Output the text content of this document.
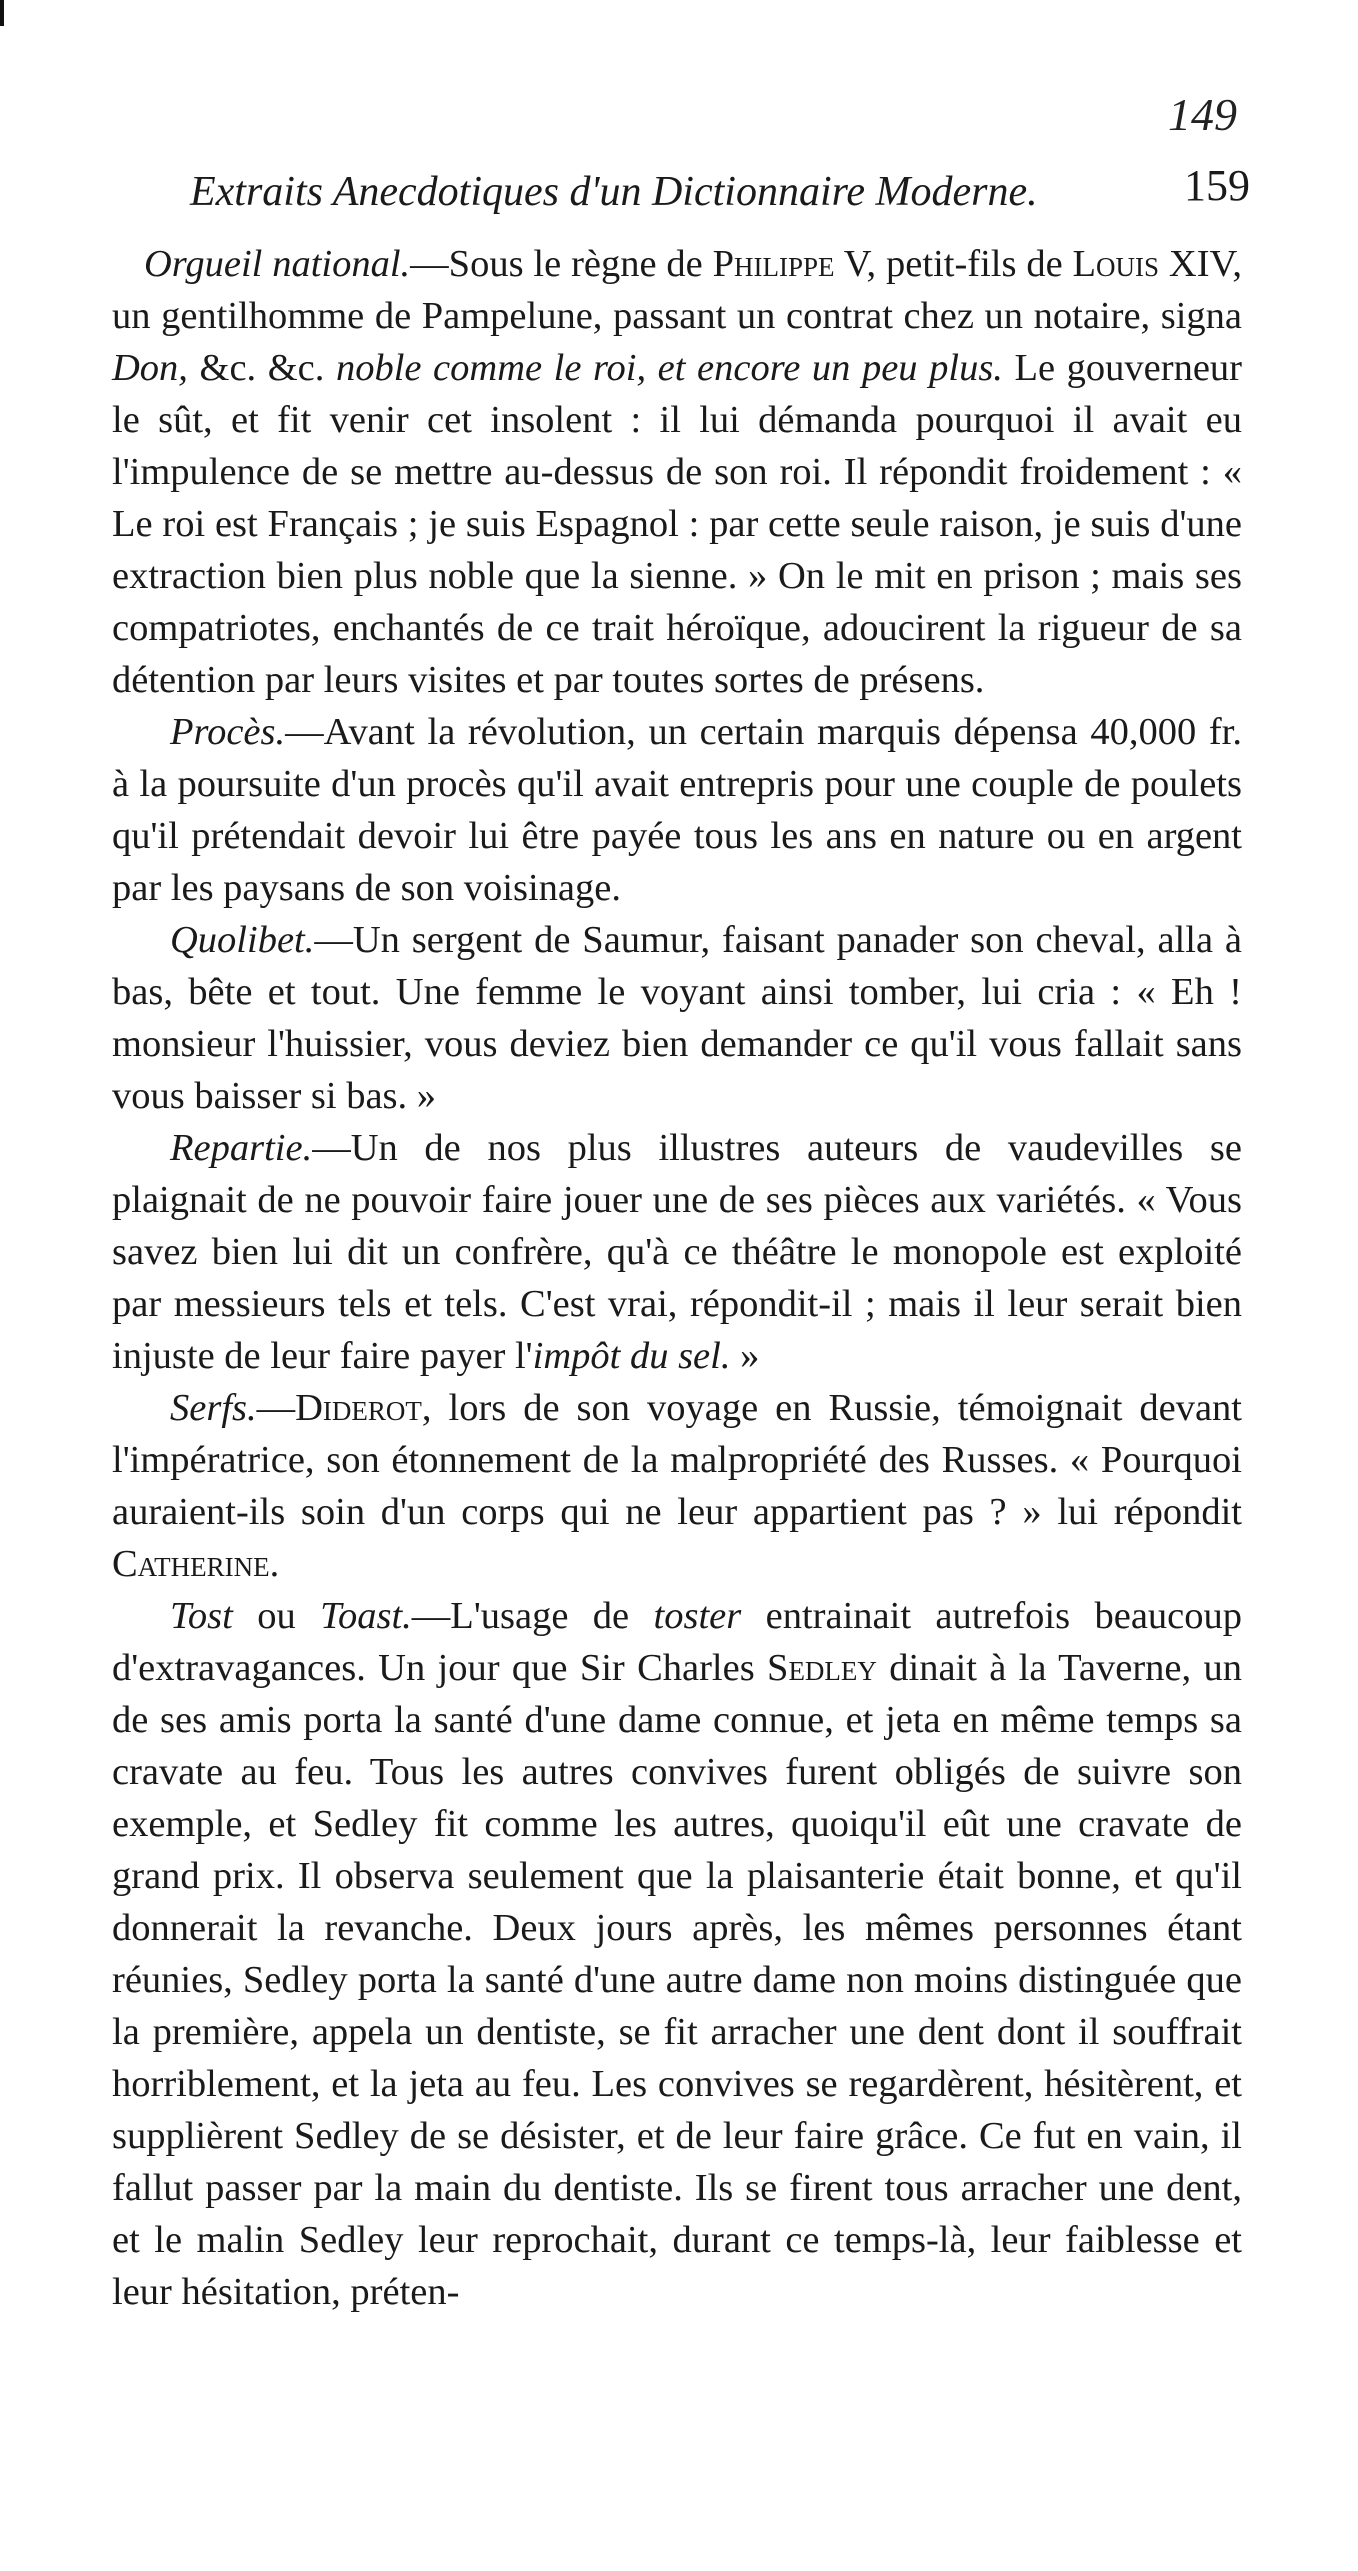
149
Extraits Anecdotiques d'un Dictionnaire Moderne.	159

Orgueil national.—Sous le règne de Philippe V, petit-fils de Louis XIV, un gentilhomme de Pampelune, passant un contrat chez un notaire, signa Don, &c. &c. noble comme le roi, et encore un peu plus. Le gouverneur le sût, et fit venir cet insolent : il lui démanda pourquoi il avait eu l'impulence de se mettre au-dessus de son roi. Il répondit froidement : « Le roi est Français ; je suis Espagnol : par cette seule raison, je suis d'une extraction bien plus noble que la sienne. » On le mit en prison ; mais ses compatriotes, enchantés de ce trait héroïque, adoucirent la rigueur de sa détention par leurs visites et par toutes sortes de présens.

Procès.—Avant la révolution, un certain marquis dépensa 40,000 fr. à la poursuite d'un procès qu'il avait entrepris pour une couple de poulets qu'il prétendait devoir lui être payée tous les ans en nature ou en argent par les paysans de son voisinage.

Quolibet.—Un sergent de Saumur, faisant panader son cheval, alla à bas, bête et tout. Une femme le voyant ainsi tomber, lui cria : « Eh ! monsieur l'huissier, vous deviez bien demander ce qu'il vous fallait sans vous baisser si bas. »

Repartie.—Un de nos plus illustres auteurs de vaudevilles se plaignait de ne pouvoir faire jouer une de ses pièces aux variétés. « Vous savez bien lui dit un confrère, qu'à ce théâtre le monopole est exploité par messieurs tels et tels. C'est vrai, répondit-il ; mais il leur serait bien injuste de leur faire payer l'impôt du sel. »

Serfs.—Diderot, lors de son voyage en Russie, témoignait devant l'impératrice, son étonnement de la malpropriété des Russes. « Pourquoi auraient-ils soin d'un corps qui ne leur appartient pas ? » lui répondit Catherine.

Tost ou Toast.—L'usage de toster entrainait autrefois beaucoup d'extravagances. Un jour que Sir Charles Sedley dinait à la Taverne, un de ses amis porta la santé d'une dame connue, et jeta en même temps sa cravate au feu. Tous les autres convives furent obligés de suivre son exemple, et Sedley fit comme les autres, quoiqu'il eût une cravate de grand prix. Il observa seulement que la plaisanterie était bonne, et qu'il donnerait la revanche. Deux jours après, les mêmes personnes étant réunies, Sedley porta la santé d'une autre dame non moins distinguée que la première, appela un dentiste, se fit arracher une dent dont il souffrait horriblement, et la jeta au feu. Les convives se regardèrent, hésitèrent, et supplièrent Sedley de se désister, et de leur faire grâce. Ce fut en vain, il fallut passer par la main du dentiste. Ils se firent tous arracher une dent, et le malin Sedley leur reprochait, durant ce temps-là, leur faiblesse et leur hésitation, préten-
